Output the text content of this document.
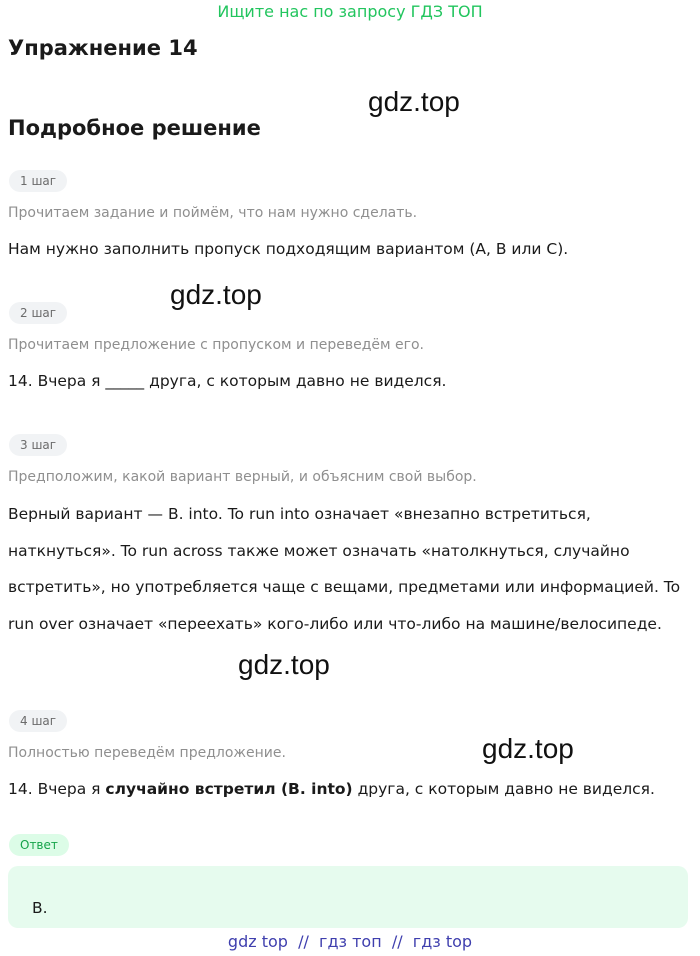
Ищите нас по запросу ГДЗ ТОП
Упражнение 14
Подробное решение
gdz.top
gdz.top
gdz.top
gdz.top
1 шаг
Прочитаем задание и поймём, что нам нужно сделать.
Нам нужно заполнить пропуск подходящим вариантом (A, B или C).
2 шаг
Прочитаем предложение с пропуском и переведём его.
14. Вчера я _____ друга, с которым давно не виделся.
3 шаг
Предположим, какой вариант верный, и объясним свой выбор.
Верный вариант — B. into. To run into означает «внезапно встретиться, наткнуться». To run across также может означать «натолкнуться, случайно встретить», но употребляется чаще с вещами, предметами или информацией. To run over означает «переехать» кого-либо или что-либо на машине/велосипеде.
4 шаг
Полностью переведём предложение.
14. Вчера я случайно встретил (B. into) друга, с которым давно не виделся.
Ответ
B.
gdz top  //  гдз топ  //  гдз top
